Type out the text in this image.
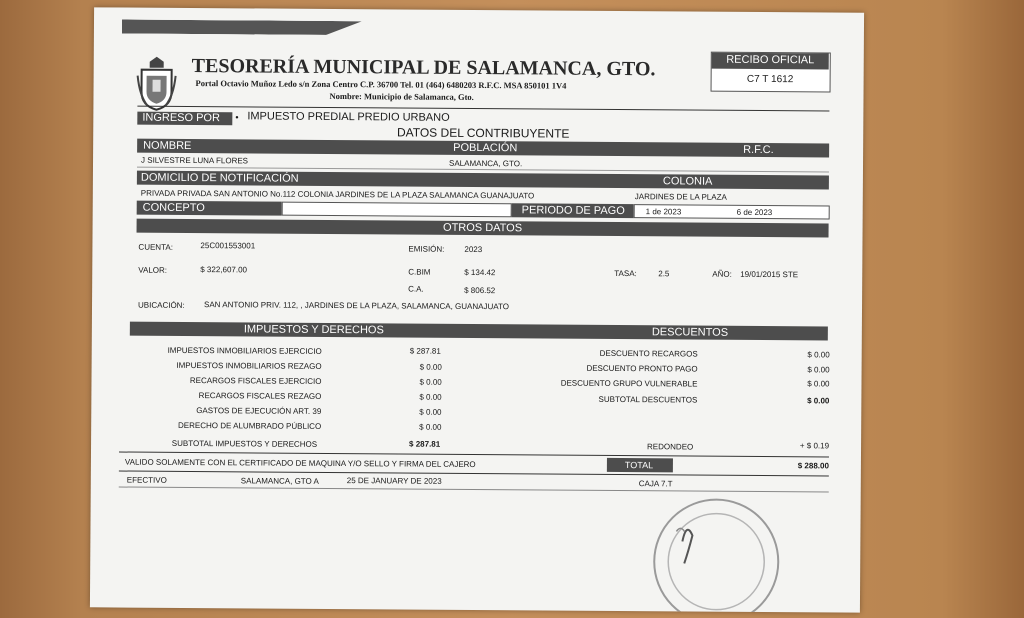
TESORERÍA MUNICIPAL DE SALAMANCA, GTO.
Portal Octavio Muñoz Ledo s/n Zona Centro C.P. 36700 Tel. 01 (464) 6480203 R.F.C. MSA 850101 1V4
Nombre: Municipio de Salamanca, Gto.
RECIBO OFICIAL
C7 T 1612
INGRESO POR • IMPUESTO PREDIAL PREDIO URBANO
DATOS DEL CONTRIBUYENTE
NOMBRE	POBLACIÓN	R.F.C.
J SILVESTRE LUNA FLORES	SALAMANCA, GTO.
DOMICILIO DE NOTIFICACIÓN	COLONIA
PRIVADA PRIVADA SAN ANTONIO No.112 COLONIA JARDINES DE LA PLAZA SALAMANCA GUANAJUATO	JARDINES DE LA PLAZA
CONCEPTO	PERIODO DE PAGO	1 de 2023	6 de 2023
OTROS DATOS
CUENTA:	25C001553001	EMISIÓN: 2023
VALOR:	$ 322,607.00	C.BIM	$ 134.42	TASA:	2.5	AÑO: 19/01/2015 STE
C.A.	$ 806.52
UBICACIÓN: SAN ANTONIO PRIV. 112, , JARDINES DE LA PLAZA, SALAMANCA, GUANAJUATO
IMPUESTOS Y DERECHOS	DESCUENTOS
IMPUESTOS INMOBILIARIOS EJERCICIO	$ 287.81
IMPUESTOS INMOBILIARIOS REZAGO	$ 0.00
RECARGOS FISCALES EJERCICIO	$ 0.00
RECARGOS FISCALES REZAGO	$ 0.00
GASTOS DE EJECUCIÓN ART. 39	$ 0.00
DERECHO DE ALUMBRADO PÚBLICO	$ 0.00
SUBTOTAL IMPUESTOS Y DERECHOS	$ 287.81
DESCUENTO RECARGOS	$ 0.00
DESCUENTO PRONTO PAGO	$ 0.00
DESCUENTO GRUPO VULNERABLE	$ 0.00
SUBTOTAL DESCUENTOS	$ 0.00
REDONDEO	+ $ 0.19
VALIDO SOLAMENTE CON EL CERTIFICADO DE MAQUINA Y/O SELLO Y FIRMA DEL CAJERO	TOTAL	$ 288.00
EFECTIVO	SALAMANCA, GTO A	25 DE JANUARY DE 2023	CAJA 7.T
